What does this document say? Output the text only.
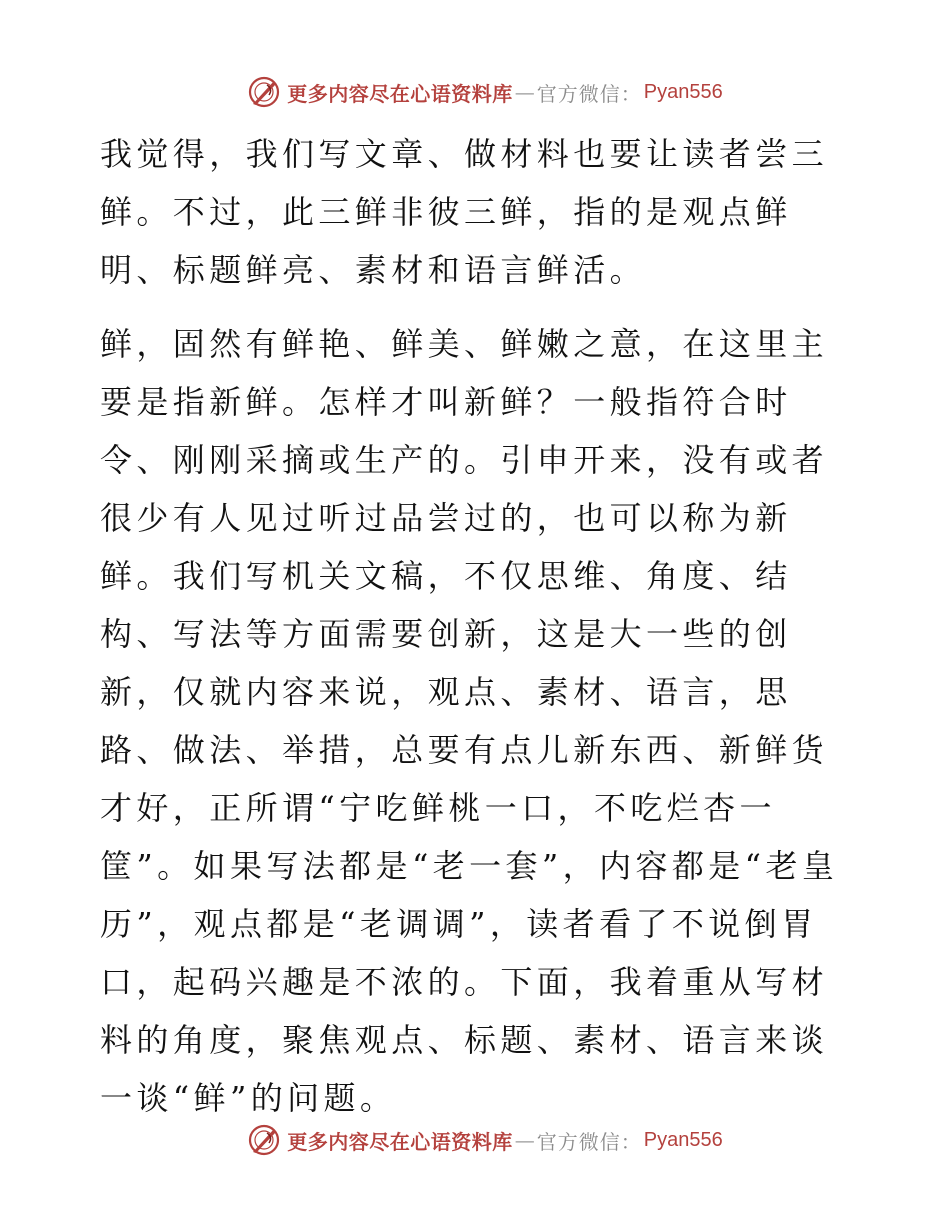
更多内容尽在心语资料库 — 官方微信： Pyan556

我觉得，我们写文章、做材料也要让读者尝三鲜。不过，此三鲜非彼三鲜，指的是观点鲜明、标题鲜亮、素材和语言鲜活。

鲜，固然有鲜艳、鲜美、鲜嫩之意，在这里主要是指新鲜。怎样才叫新鲜？一般指符合时令、刚刚采摘或生产的。引申开来，没有或者很少有人见过听过品尝过的，也可以称为新鲜。我们写机关文稿，不仅思维、角度、结构、写法等方面需要创新，这是大一些的创新，仅就内容来说，观点、素材、语言，思路、做法、举措，总要有点儿新东西、新鲜货才好，正所谓“宁吃鲜桃一口，不吃烂杏一筐”。如果写法都是“老一套”，内容都是“老皇历”，观点都是“老调调”，读者看了不说倒胃口，起码兴趣是不浓的。下面，我着重从写材料的角度，聚焦观点、标题、素材、语言来谈一谈“鲜”的问题。

更多内容尽在心语资料库 — 官方微信： Pyan556
